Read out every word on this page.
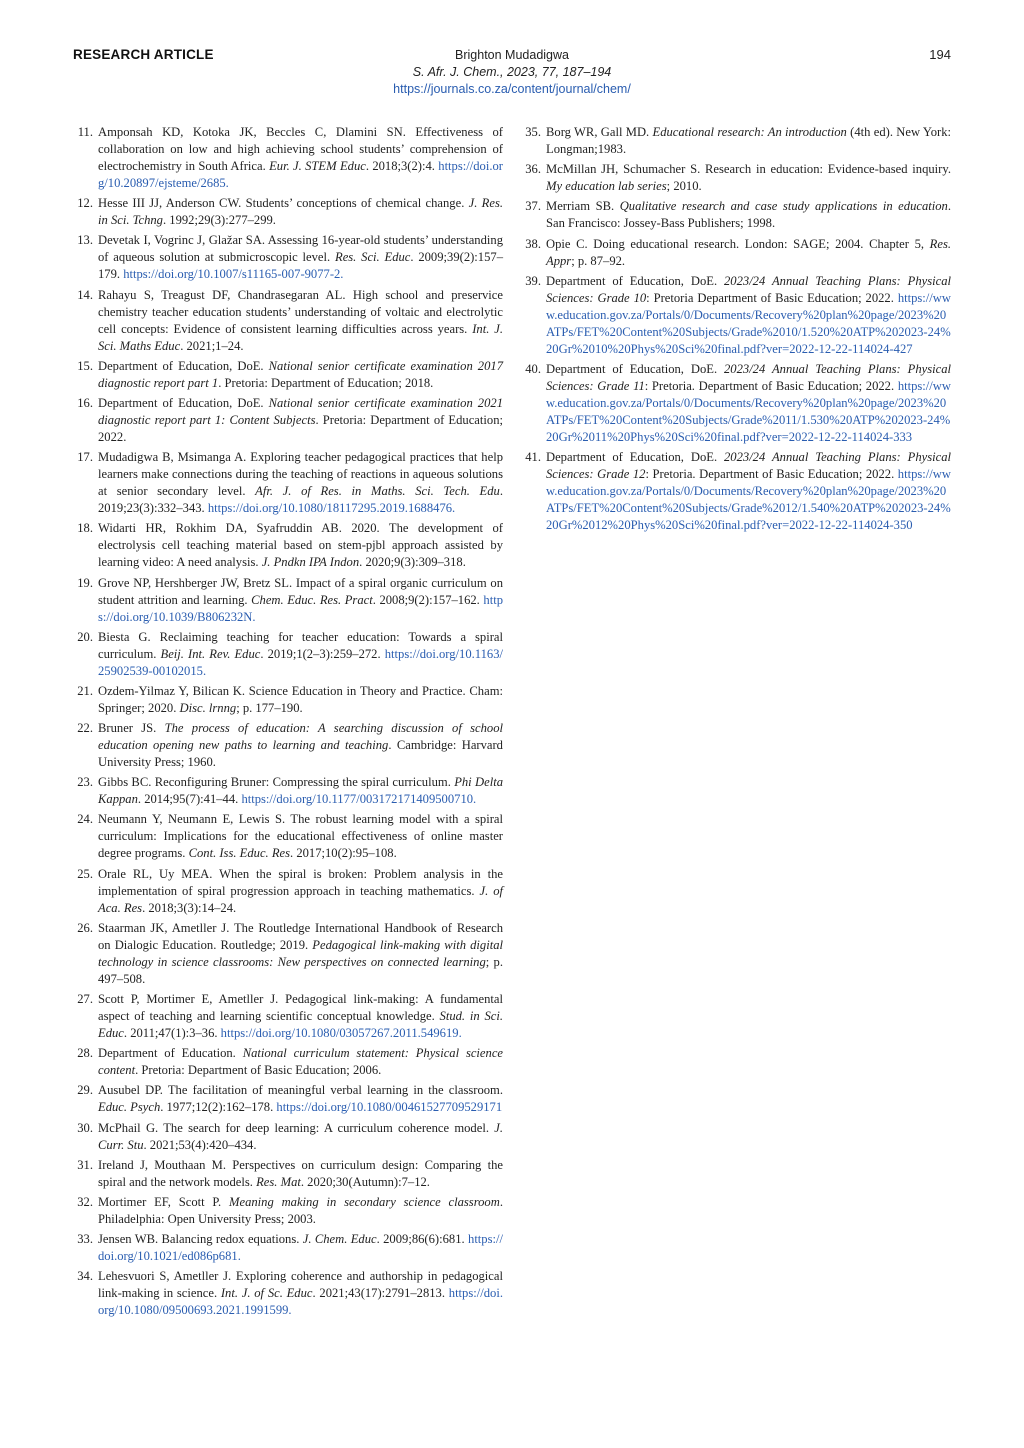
RESEARCH ARTICLE	Brighton Mudadigwa
S. Afr. J. Chem., 2023, 77, 187–194
https://journals.co.za/content/journal/chem/
194
11. Amponsah KD, Kotoka JK, Beccles C, Dlamini SN. Effectiveness of collaboration on low and high achieving school students’ comprehension of electrochemistry in South Africa. Eur. J. STEM Educ. 2018;3(2):4. https://doi.org/10.20897/ejsteme/2685.
12. Hesse III JJ, Anderson CW. Students’ conceptions of chemical change. J. Res. in Sci. Tchng. 1992;29(3):277–299.
13. Devetak I, Vogrinc J, Glažar SA. Assessing 16-year-old students’ understanding of aqueous solution at submicroscopic level. Res. Sci. Educ. 2009;39(2):157–179. https://doi.org/10.1007/s11165-007-9077-2.
14. Rahayu S, Treagust DF, Chandrasegaran AL. High school and preservice chemistry teacher education students’ understanding of voltaic and electrolytic cell concepts: Evidence of consistent learning difficulties across years. Int. J. Sci. Maths Educ. 2021;1–24.
15. Department of Education, DoE. National senior certificate examination 2017 diagnostic report part 1. Pretoria: Department of Education; 2018.
16. Department of Education, DoE. National senior certificate examination 2021 diagnostic report part 1: Content Subjects. Pretoria: Department of Education; 2022.
17. Mudadigwa B, Msimanga A. Exploring teacher pedagogical practices that help learners make connections during the teaching of reactions in aqueous solutions at senior secondary level. Afr. J. of Res. in Maths. Sci. Tech. Edu. 2019;23(3):332–343. https://doi.org/10.1080/18117295.2019.1688476.
18. Widarti HR, Rokhim DA, Syafruddin AB. 2020. The development of electrolysis cell teaching material based on stem-pjbl approach assisted by learning video: A need analysis. J. Pndkn IPA Indon. 2020;9(3):309–318.
19. Grove NP, Hershberger JW, Bretz SL. Impact of a spiral organic curriculum on student attrition and learning. Chem. Educ. Res. Pract. 2008;9(2):157–162. https://doi.org/10.1039/B806232N.
20. Biesta G. Reclaiming teaching for teacher education: Towards a spiral curriculum. Beij. Int. Rev. Educ. 2019;1(2–3):259–272. https://doi.org/10.1163/25902539-00102015.
21. Ozdem-Yilmaz Y, Bilican K. Science Education in Theory and Practice. Cham: Springer; 2020. Disc. lrnng; p. 177–190.
22. Bruner JS. The process of education: A searching discussion of school education opening new paths to learning and teaching. Cambridge: Harvard University Press; 1960.
23. Gibbs BC. Reconfiguring Bruner: Compressing the spiral curriculum. Phi Delta Kappan. 2014;95(7):41–44. https://doi.org/10.1177/003172171409500710.
24. Neumann Y, Neumann E, Lewis S. The robust learning model with a spiral curriculum: Implications for the educational effectiveness of online master degree programs. Cont. Iss. Educ. Res. 2017;10(2):95–108.
25. Orale RL, Uy MEA. When the spiral is broken: Problem analysis in the implementation of spiral progression approach in teaching mathematics. J. of Aca. Res. 2018;3(3):14–24.
26. Staarman JK, Ametller J. The Routledge International Handbook of Research on Dialogic Education. Routledge; 2019. Pedagogical link-making with digital technology in science classrooms: New perspectives on connected learning; p. 497–508.
27. Scott P, Mortimer E, Ametller J. Pedagogical link-making: A fundamental aspect of teaching and learning scientific conceptual knowledge. Stud. in Sci. Educ. 2011;47(1):3–36. https://doi.org/10.1080/03057267.2011.549619.
28. Department of Education. National curriculum statement: Physical science content. Pretoria: Department of Basic Education; 2006.
29. Ausubel DP. The facilitation of meaningful verbal learning in the classroom. Educ. Psych. 1977;12(2):162–178. https://doi.org/10.1080/00461527709529171
30. McPhail G. The search for deep learning: A curriculum coherence model. J. Curr. Stu. 2021;53(4):420–434.
31. Ireland J, Mouthaan M. Perspectives on curriculum design: Comparing the spiral and the network models. Res. Mat. 2020;30(Autumn):7–12.
32. Mortimer EF, Scott P. Meaning making in secondary science classroom. Philadelphia: Open University Press; 2003.
33. Jensen WB. Balancing redox equations. J. Chem. Educ. 2009;86(6):681. https://doi.org/10.1021/ed086p681.
34. Lehesvuori S, Ametller J. Exploring coherence and authorship in pedagogical link-making in science. Int. J. of Sc. Educ. 2021;43(17):2791–2813. https://doi.org/10.1080/09500693.2021.1991599.
35. Borg WR, Gall MD. Educational research: An introduction (4th ed). New York: Longman;1983.
36. McMillan JH, Schumacher S. Research in education: Evidence-based inquiry. My education lab series; 2010.
37. Merriam SB. Qualitative research and case study applications in education. San Francisco: Jossey-Bass Publishers; 1998.
38. Opie C. Doing educational research. London: SAGE; 2004. Chapter 5, Res. Appr; p. 87–92.
39. Department of Education, DoE. 2023/24 Annual Teaching Plans: Physical Sciences: Grade 10: Pretoria Department of Basic Education; 2022. https://www.education.gov.za/Portals/0/Documents/Recovery%20plan%20page/2023%20ATPs/FET%20Content%20Subjects/Grade%2010/1.520%20ATP%202023-24%20Gr%2010%20Phys%20Sci%20final.pdf?ver=2022-12-22-114024-427
40. Department of Education, DoE. 2023/24 Annual Teaching Plans: Physical Sciences: Grade 11: Pretoria. Department of Basic Education; 2022. https://www.education.gov.za/Portals/0/Documents/Recovery%20plan%20page/2023%20ATPs/FET%20Content%20Subjects/Grade%2011/1.530%20ATP%202023-24%20Gr%2011%20Phys%20Sci%20final.pdf?ver=2022-12-22-114024-333
41. Department of Education, DoE. 2023/24 Annual Teaching Plans: Physical Sciences: Grade 12: Pretoria. Department of Basic Education; 2022. https://www.education.gov.za/Portals/0/Documents/Recovery%20plan%20page/2023%20ATPs/FET%20Content%20Subjects/Grade%2012/1.540%20ATP%202023-24%20Gr%2012%20Phys%20Sci%20final.pdf?ver=2022-12-22-114024-350
